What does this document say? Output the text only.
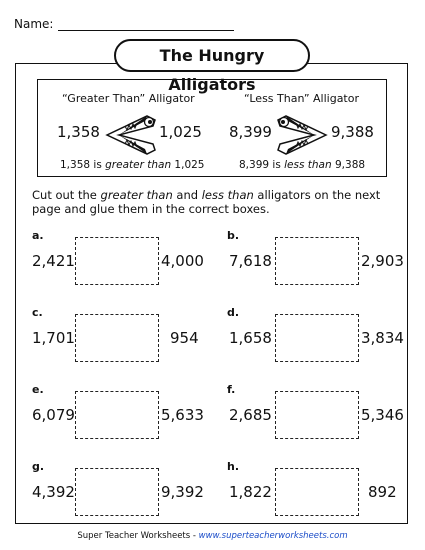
Name:
The Hungry Alligators
“Greater Than” Alligator
1,358	1,025
1,358 is greater than 1,025
“Less Than” Alligator
8,399	9,388
8,399 is less than 9,388
Cut out the greater than and less than alligators on the next page and glue them in the correct boxes.
a.
2,421	4,000
b.
7,618	2,903
c.
1,701	954
d.
1,658	3,834
e.
6,079	5,633
f.
2,685	5,346
g.
4,392	9,392
h.
1,822	892
Super Teacher Worksheets - www.superteacherworksheets.com
